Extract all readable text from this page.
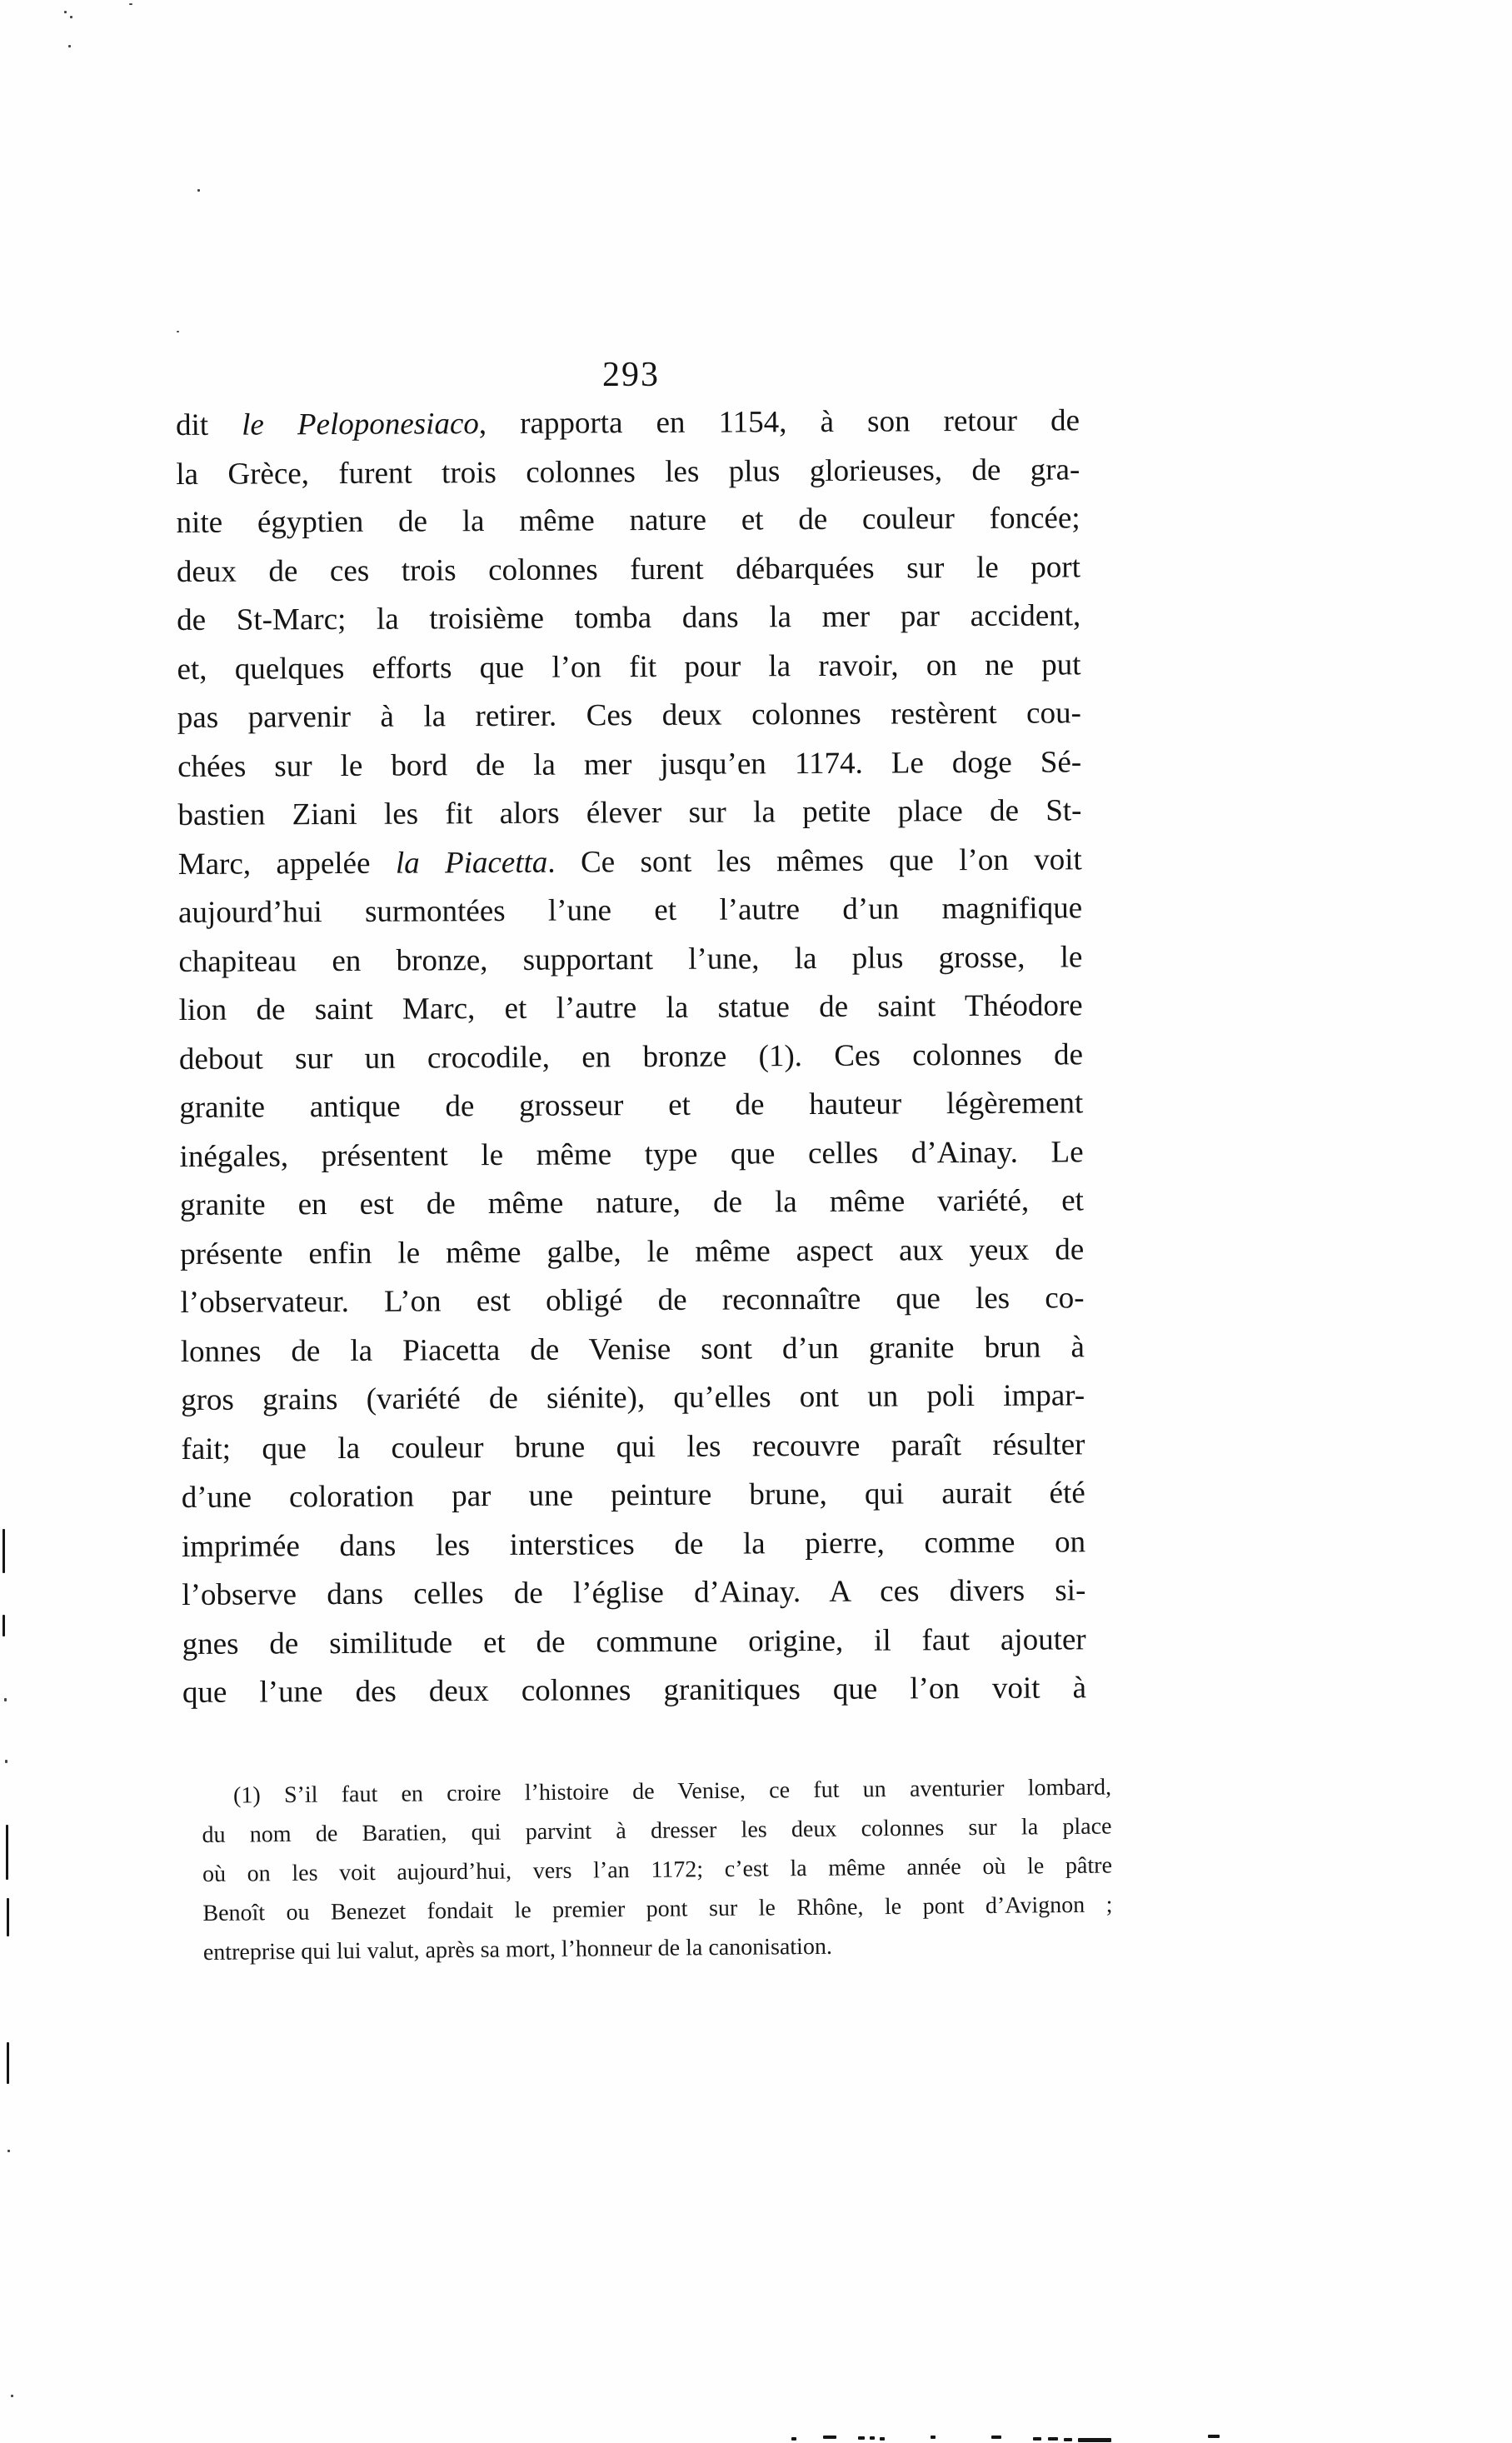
293
dit le Peloponesiaco, rapporta en 1154, à son retour de
la Grèce, furent trois colonnes les plus glorieuses, de gra-
nite égyptien de la même nature et de couleur foncée;
deux de ces trois colonnes furent débarquées sur le port
de St-Marc; la troisième tomba dans la mer par accident,
et, quelques efforts que l’on fit pour la ravoir, on ne put
pas parvenir à la retirer. Ces deux colonnes restèrent cou-
chées sur le bord de la mer jusqu’en 1174. Le doge Sé-
bastien Ziani les fit alors élever sur la petite place de St-
Marc, appelée la Piacetta. Ce sont les mêmes que l’on voit
aujourd’hui surmontées l’une et l’autre d’un magnifique
chapiteau en bronze, supportant l’une, la plus grosse, le
lion de saint Marc, et l’autre la statue de saint Théodore
debout sur un crocodile, en bronze (1). Ces colonnes de
granite antique de grosseur et de hauteur légèrement
inégales, présentent le même type que celles d’Ainay. Le
granite en est de même nature, de la même variété, et
présente enfin le même galbe, le même aspect aux yeux de
l’observateur. L’on est obligé de reconnaître que les co-
lonnes de la Piacetta de Venise sont d’un granite brun à
gros grains (variété de siénite), qu’elles ont un poli impar-
fait; que la couleur brune qui les recouvre paraît résulter
d’une coloration par une peinture brune, qui aurait été
imprimée dans les interstices de la pierre, comme on
l’observe dans celles de l’église d’Ainay. A ces divers si-
gnes de similitude et de commune origine, il faut ajouter
que l’une des deux colonnes granitiques que l’on voit à
(1) S’il faut en croire l’histoire de Venise, ce fut un aventurier lombard,
du nom de Baratien, qui parvint à dresser les deux colonnes sur la place
où on les voit aujourd’hui, vers l’an 1172; c’est la même année où le pâtre
Benoît ou Benezet fondait le premier pont sur le Rhône, le pont d’Avignon ;
entreprise qui lui valut, après sa mort, l’honneur de la canonisation.
